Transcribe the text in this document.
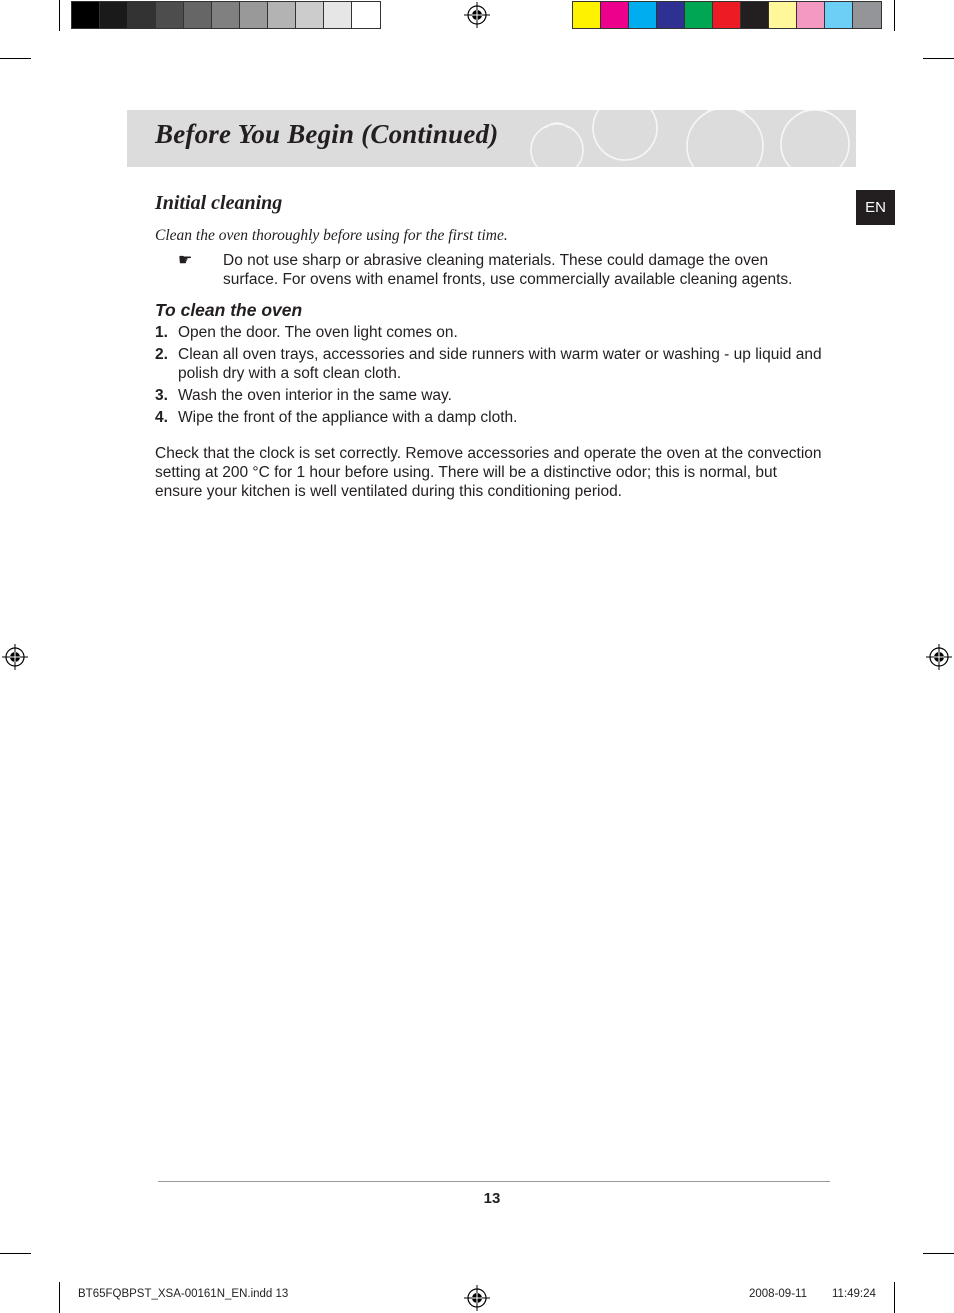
Before You Begin (Continued)
EN
Initial cleaning

Clean the oven thoroughly before using for the first time.

☛ Do not use sharp or abrasive cleaning materials. These could damage the oven surface. For ovens with enamel fronts, use commercially available cleaning agents.

To clean the oven
1. Open the door. The oven light comes on.
2. Clean all oven trays, accessories and side runners with warm water or washing - up liquid and polish dry with a soft clean cloth.
3. Wash the oven interior in the same way.
4. Wipe the front of the appliance with a damp cloth.

Check that the clock is set correctly. Remove accessories and operate the oven at the convection setting at 200 °C for 1 hour before using. There will be a distinctive odor; this is normal, but ensure your kitchen is well ventilated during this conditioning period.

13
BT65FQBPST_XSA-00161N_EN.indd 13	2008-09-11 11:49:24
